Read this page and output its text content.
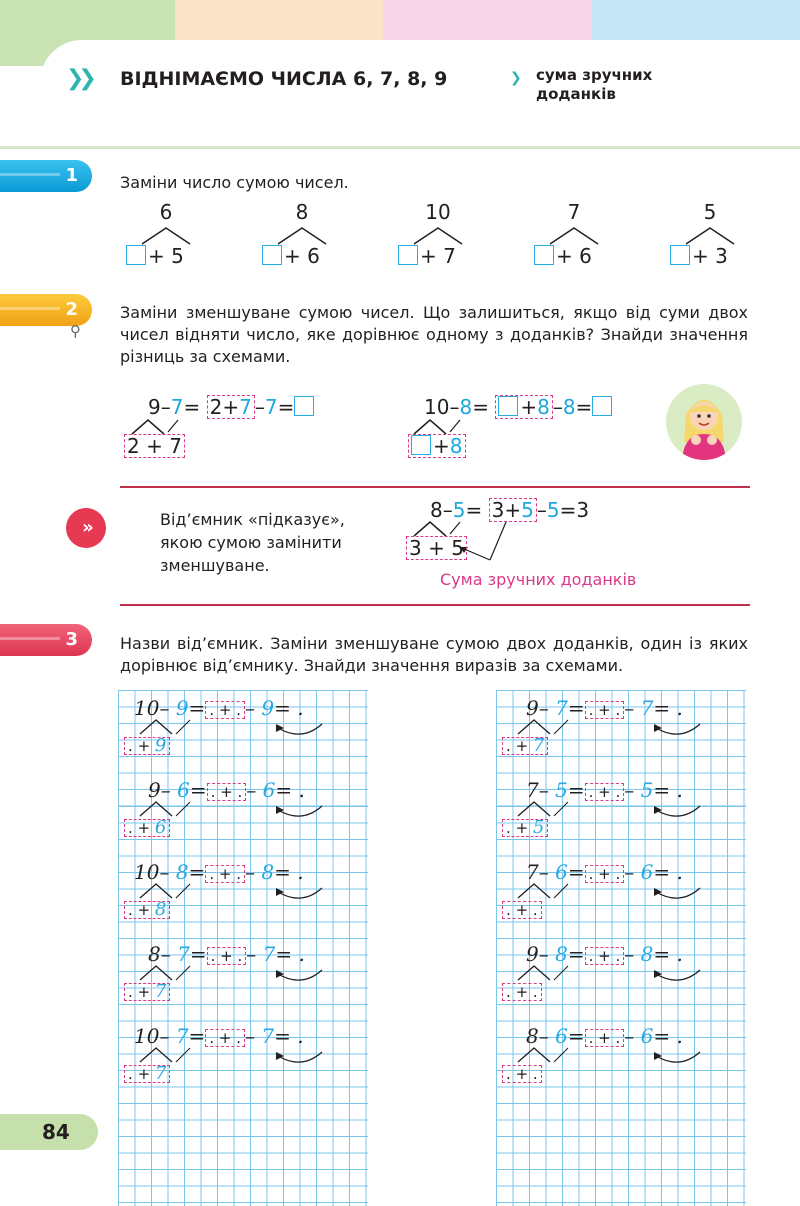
❯❯ ВІДНІМАЄМО ЧИСЛА 6, 7, 8, 9	❯ сума зручних доданків
1	Заміни число сумою чисел.
6
+ 5
8
+ 6
10
+ 7
7
+ 6
5
+ 3
2
⚲
Заміни зменшуване сумою чисел. Що залишиться, якщо від суми двох чисел відняти число, яке дорівнює одному з доданків? Знайди значення різниць за схемами.
9–7= 2+7 –7=
2 + 7
10–8= +8 –8=
+8
»	Від’ємник «підказує», якою сумою замінити зменшуване.
8–5= 3+5 –5=3
3 + 5
Сума зручних доданків
3	Назви від’ємник. Заміни зменшуване сумою двох доданків, один із яких дорівнює від’ємнику. Знайди значення виразів за схемами.
10– 9= . + . – 9= .
. + 9
9– 6= . + . – 6= .
. + 6
10– 8= . + . – 8= .
. + 8
8– 7= . + . – 7= .
. + 7
10– 7= . + . – 7= .
. + 7
9– 7= . + . – 7= .
. + 7
7– 5= . + . – 5= .
. + 5
7– 6= . + . – 6= .
. + .
9– 8= . + . – 8= .
. + .
8– 6= . + . – 6= .
. + .
84
